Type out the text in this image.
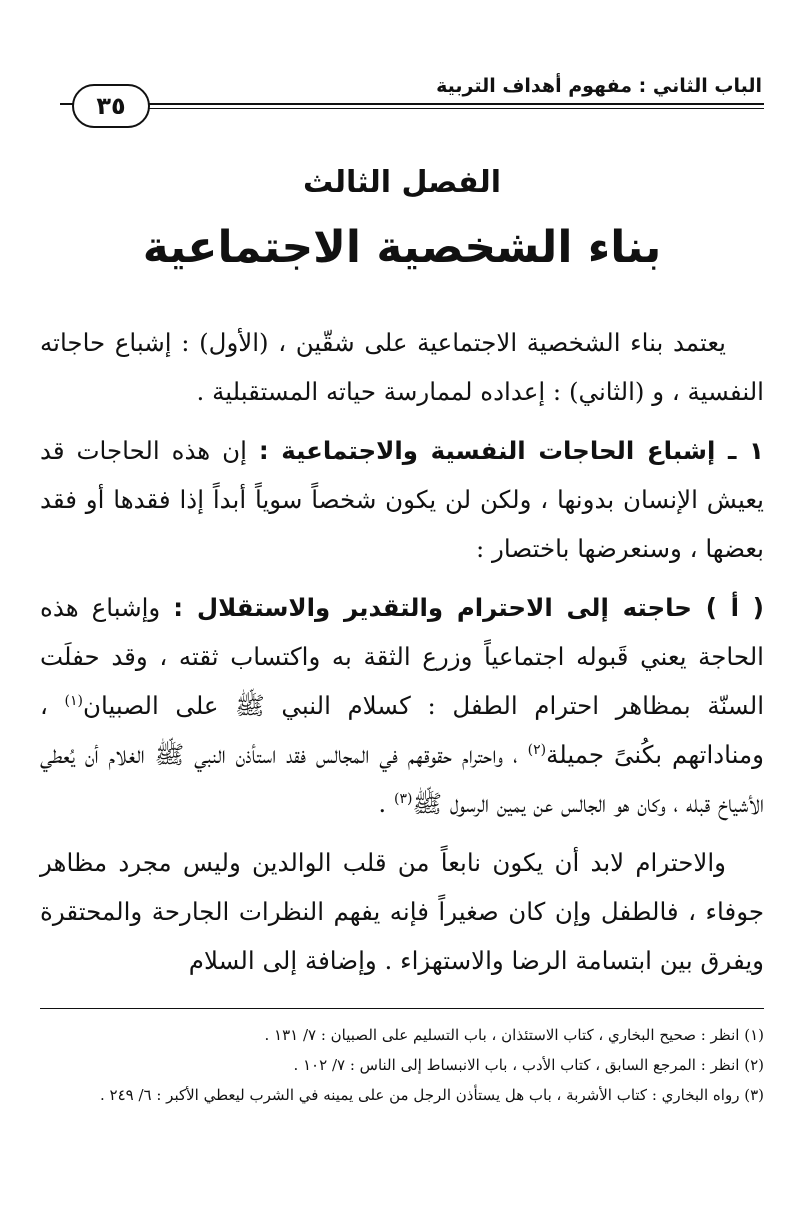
الباب الثاني : مفهوم أهداف التربية
٣٥
الفصل الثالث
بناء الشخصية الاجتماعية

يعتمد بناء الشخصية الاجتماعية على شقّين ، (الأول) : إشباع حاجاته النفسية ، و (الثاني) : إعداده لممارسة حياته المستقبلية .

١ ـ إشباع الحاجات النفسية والاجتماعية : إن هذه الحاجات قد يعيش الإنسان بدونها ، ولكن لن يكون شخصاً سوياً أبداً إذا فقدها أو فقد بعضها ، وسنعرضها باختصار :

( أ ) حاجته إلى الاحترام والتقدير والاستقلال : وإشباع هذه الحاجة يعني قَبوله اجتماعياً وزرع الثقة به واكتساب ثقته ، وقد حفلَت السنّة بمظاهر احترام الطفل : كسلام النبي ﷺ على الصبيان$^{(١)}$ ، ومناداتهم بكُنىً جميلة$^{(٢)}$ ، واحترام حقوقهم في المجالس فقد استأذن النبي ﷺ الغلام أن يُعطي الأشياخ قبله ، وكان هو الجالس عن يمين الرسول ﷺ$^{(٣)}$ .

والاحترام لابد أن يكون نابعاً من قلب الوالدين وليس مجرد مظاهر جوفاء ، فالطفل وإن كان صغيراً فإنه يفهم النظرات الجارحة والمحتقرة ويفرق بين ابتسامة الرضا والاستهزاء . وإضافة إلى السلام

(١) انظر : صحيح البخاري ، كتاب الاستئذان ، باب التسليم على الصبيان : ٧/ ١٣١ .
(٢) انظر : المرجع السابق ، كتاب الأدب ، باب الانبساط إلى الناس : ٧/ ١٠٢ .
(٣) رواه البخاري : كتاب الأشربة ، باب هل يستأذن الرجل من على يمينه في الشرب ليعطي الأكبر : ٦/ ٢٤٩ .
